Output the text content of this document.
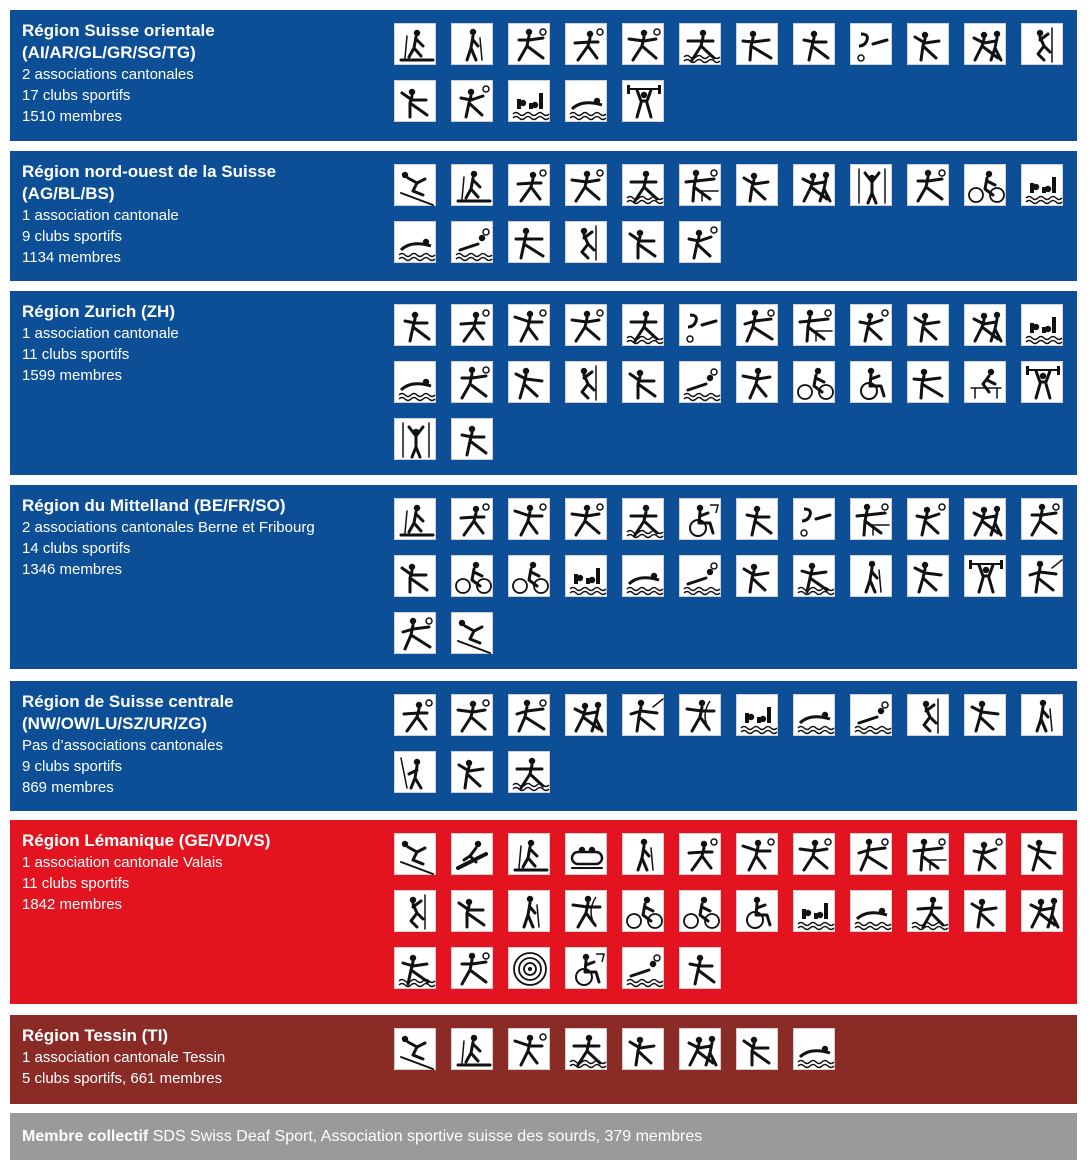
Région Suisse orientale
(AI/AR/GL/GR/SG/TG)
2 associations cantonales
17 clubs sportifs
1510 membres
Région nord-ouest de la Suisse
(AG/BL/BS)
1 association cantonale
9 clubs sportifs
1134 membres
Région Zurich (ZH)
1 association cantonale
11 clubs sportifs
1599 membres
Région du Mittelland (BE/FR/SO)
2 associations cantonales Berne et Fribourg
14 clubs sportifs
1346 membres
Région de Suisse centrale
(NW/OW/LU/SZ/UR/ZG)
Pas d’associations cantonales
9 clubs sportifs
869 membres
Région Lémanique (GE/VD/VS)
1 association cantonale Valais
11 clubs sportifs
1842 membres
Région Tessin (TI)
1 association cantonale Tessin
5 clubs sportifs, 661 membres
Membre collectif SDS Swiss Deaf Sport, Association sportive suisse des sourds, 379 membres
